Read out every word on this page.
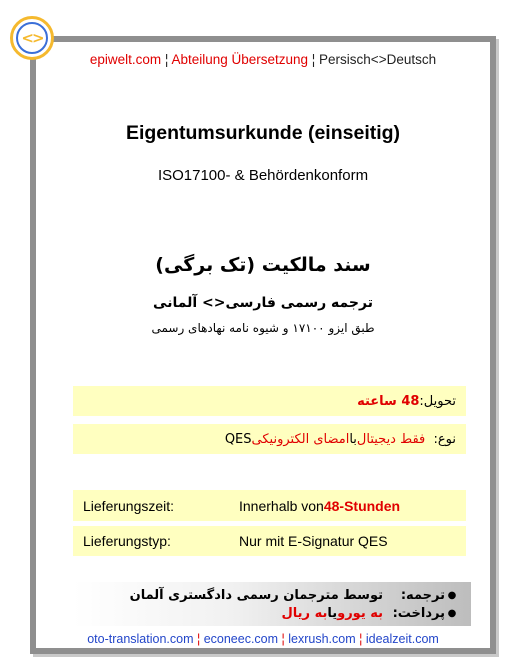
<>
epiwelt.com ¦ Abteilung Übersetzung ¦ Persisch<>Deutsch
Eigentumsurkunde (einseitig)
ISO17100- & Behördenkonform
سند مالکیت (تک برگی)
ترجمه رسمی فارسی<> آلمانی
طبق ایزو ۱۷۱۰۰ و شیوه نامه نهادهای رسمی
تحویل:
48 ساعته
نوع:

فقط دیجیتال
با
امضای الکترونیکی
QES
Lieferungszeit:	Innerhalb von 48-Stunden
Lieferungstyp:	Nur mit E-Signatur QES
●
ترجمه:
توسط مترجمان رسمی دادگستری آلمان
●
پرداخت:
به یورو
یا
به ریال
oto-translation.com ¦ econeec.com ¦ lexrush.com ¦ idealzeit.com
